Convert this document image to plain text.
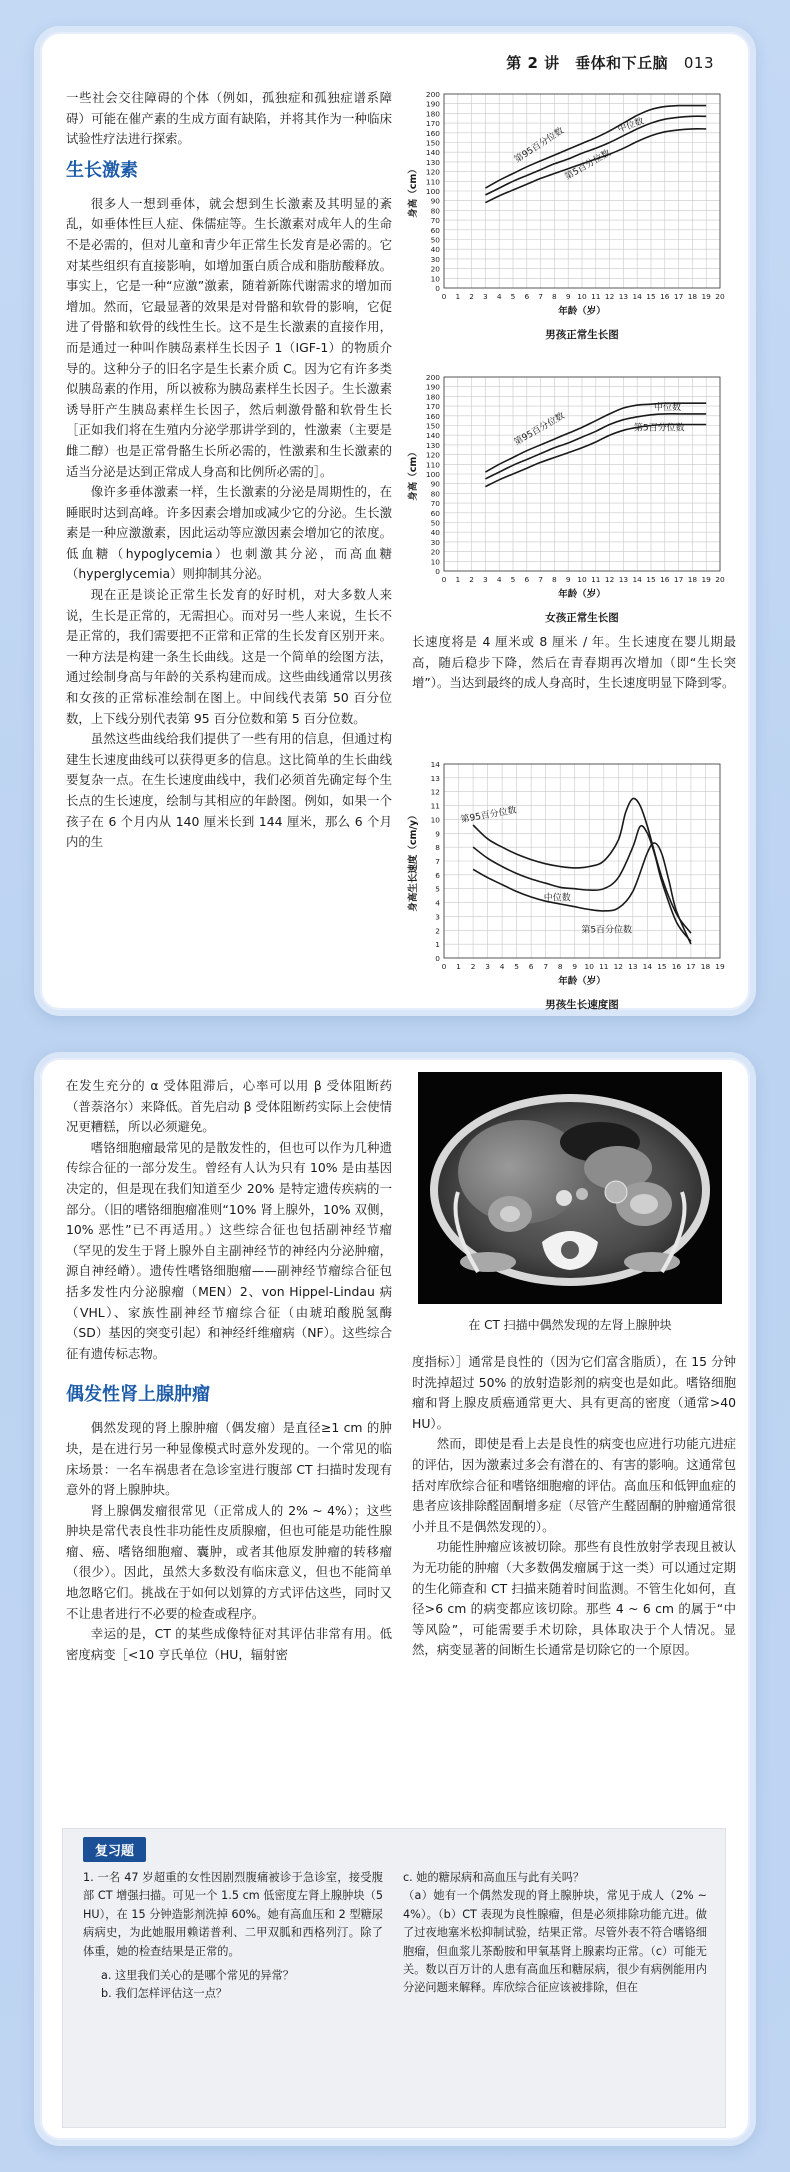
第 2 讲　垂体和下丘脑 013

一些社会交往障碍的个体（例如，孤独症和孤独症谱系障碍）可能在催产素的生成方面有缺陷，并将其作为一种临床试验性疗法进行探索。

生长激素

很多人一想到垂体，就会想到生长激素及其明显的紊乱，如垂体性巨人症、侏儒症等。生长激素对成年人的生命不是必需的，但对儿童和青少年正常生长发育是必需的。它对某些组织有直接影响，如增加蛋白质合成和脂肪酸释放。事实上，它是一种“应激”激素，随着新陈代谢需求的增加而增加。然而，它最显著的效果是对骨骼和软骨的影响，它促进了骨骼和软骨的线性生长。这不是生长激素的直接作用，而是通过一种叫作胰岛素样生长因子 1（IGF-1）的物质介导的。这种分子的旧名字是生长素介质 C。因为它有许多类似胰岛素的作用，所以被称为胰岛素样生长因子。生长激素诱导肝产生胰岛素样生长因子，然后刺激骨骼和软骨生长［正如我们将在生殖内分泌学那讲学到的，性激素（主要是雌二醇）也是正常骨骼生长所必需的，性激素和生长激素的适当分泌是达到正常成人身高和比例所必需的］。

像许多垂体激素一样，生长激素的分泌是周期性的，在睡眠时达到高峰。许多因素会增加或减少它的分泌。生长激素是一种应激激素，因此运动等应激因素会增加它的浓度。低血糖（hypoglycemia）也刺激其分泌，而高血糖（hyperglycemia）则抑制其分泌。

现在正是谈论正常生长发育的好时机，对大多数人来说，生长是正常的，无需担心。而对另一些人来说，生长不是正常的，我们需要把不正常和正常的生长发育区别开来。一种方法是构建一条生长曲线。这是一个简单的绘图方法，通过绘制身高与年龄的关系构建而成。这些曲线通常以男孩和女孩的正常标准绘制在图上。中间线代表第 50 百分位数，上下线分别代表第 95 百分位数和第 5 百分位数。

虽然这些曲线给我们提供了一些有用的信息，但通过构建生长速度曲线可以获得更多的信息。这比简单的生长曲线要复杂一点。在生长速度曲线中，我们必须首先确定每个生长点的生长速度，绘制与其相应的年龄图。例如，如果一个孩子在 6 个月内从 140 厘米长到 144 厘米，那么 6 个月内的生

0
10
20
30
40
50
60
70
80
90
100
110
120
130
140
150
160
170
180
190
200
0 1 2 3 4 5 6 7 8 9 10 11 12 13 14 15 16 17 18 19 20
年龄（岁）
身高（cm）
男孩正常生长图
第95百分位数
中位数
第5百分位数
0
10
20
30
40
50
60
70
80
90
100
110
120
130
140
150
160
170
180
190
200
0 1 2 3 4 5 6 7 8 9 10 11 12 13 14 15 16 17 18 19 20
年龄（岁）
身高（cm）
女孩正常生长图
第95百分位数
中位数
第5百分位数

长速度将是 4 厘米或 8 厘米 / 年。生长速度在婴儿期最高，随后稳步下降，然后在青春期再次增加（即“生长突增”）。当达到最终的成人身高时，生长速度明显下降到零。

0
1
2
3
4
5
6
7
8
9
10
11
12
13
14
0 1 2 3 4 5 6 7 8 9 10 11 12 13 14 15 16 17 18 19
年龄（岁）
身高生长速度（cm/y）
男孩生长速度图
第95百分位数
中位数
第5百分位数

在发生充分的 α 受体阻滞后，心率可以用 β 受体阻断药（普萘洛尔）来降低。首先启动 β 受体阻断药实际上会使情况更糟糕，所以必须避免。

嗜铬细胞瘤最常见的是散发性的，但也可以作为几种遗传综合征的一部分发生。曾经有人认为只有 10% 是由基因决定的，但是现在我们知道至少 20% 是特定遗传疾病的一部分。（旧的嗜铬细胞瘤准则“10% 肾上腺外，10% 双侧，10% 恶性”已不再适用。）这些综合征也包括副神经节瘤（罕见的发生于肾上腺外自主副神经节的神经内分泌肿瘤，源自神经嵴）。遗传性嗜铬细胞瘤——副神经节瘤综合征包括多发性内分泌腺瘤（MEN）2、von Hippel-Lindau 病（VHL）、家族性副神经节瘤综合征（由琥珀酸脱氢酶（SD）基因的突变引起）和神经纤维瘤病（NF）。这些综合征有遗传标志物。

偶发性肾上腺肿瘤

偶然发现的肾上腺肿瘤（偶发瘤）是直径≥1 cm 的肿块，是在进行另一种显像模式时意外发现的。一个常见的临床场景：一名车祸患者在急诊室进行腹部 CT 扫描时发现有意外的肾上腺肿块。

肾上腺偶发瘤很常见（正常成人的 2% ~ 4%）；这些肿块是常代表良性非功能性皮质腺瘤，但也可能是功能性腺瘤、癌、嗜铬细胞瘤、囊肿，或者其他原发肿瘤的转移瘤（很少）。因此，虽然大多数没有临床意义，但也不能简单地忽略它们。挑战在于如何以划算的方式评估这些，同时又不让患者进行不必要的检查或程序。

幸运的是，CT 的某些成像特征对其评估非常有用。低密度病变［<10 亨氏单位（HU，辐射密

在 CT 扫描中偶然发现的左肾上腺肿块

度指标）］通常是良性的（因为它们富含脂质），在 15 分钟时洗掉超过 50% 的放射造影剂的病变也是如此。嗜铬细胞瘤和肾上腺皮质癌通常更大、具有更高的密度（通常>40 HU）。

然而，即使是看上去是良性的病变也应进行功能亢进症的评估，因为激素过多会有潜在的、有害的影响。这通常包括对库欣综合征和嗜铬细胞瘤的评估。高血压和低钾血症的患者应该排除醛固酮增多症（尽管产生醛固酮的肿瘤通常很小并且不是偶然发现的）。

功能性肿瘤应该被切除。那些有良性放射学表现且被认为无功能的肿瘤（大多数偶发瘤属于这一类）可以通过定期的生化筛查和 CT 扫描来随着时间监测。不管生化如何，直径>6 cm 的病变都应该切除。那些 4 ~ 6 cm 的属于“中等风险”，可能需要手术切除，具体取决于个人情况。显然，病变显著的间断生长通常是切除它的一个原因。

复习题

1. 一名 47 岁超重的女性因剧烈腹痛被诊于急诊室，接受腹部 CT 增强扫描。可见一个 1.5 cm 低密度左肾上腺肿块（5 HU），在 15 分钟造影剂洗掉 60%。她有高血压和 2 型糖尿病病史，为此她服用赖诺普利、二甲双胍和西格列汀。除了体重，她的检查结果是正常的。

a. 这里我们关心的是哪个常见的异常？

b. 我们怎样评估这一点？

c. 她的糖尿病和高血压与此有关吗？

（a）她有一个偶然发现的肾上腺肿块，常见于成人（2% ~ 4%）。（b）CT 表现为良性腺瘤，但是必须排除功能亢进。做了过夜地塞米松抑制试验，结果正常。尽管外表不符合嗜铬细胞瘤，但血浆儿茶酚胺和甲氧基肾上腺素均正常。（c）可能无关。数以百万计的人患有高血压和糖尿病，很少有病例能用内分泌问题来解释。库欣综合征应该被排除，但在
